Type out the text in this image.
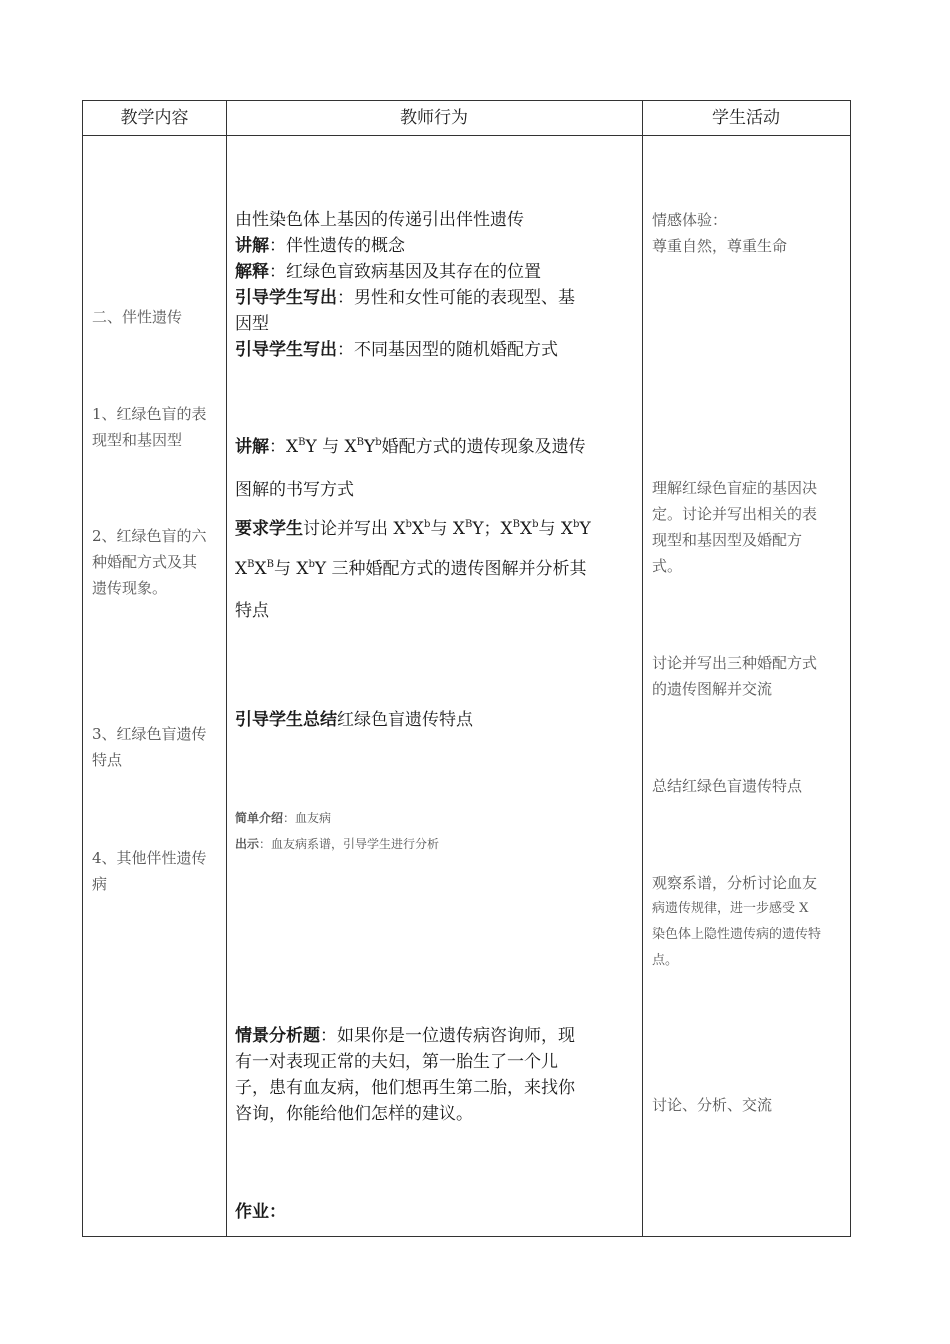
教学内容	教师行为	学生活动
二、伴性遗传
1、红绿色盲的表
现型和基因型
2、红绿色盲的六
种婚配方式及其
遗传现象。
3、红绿色盲遗传
特点
4、其他伴性遗传
病
由性染色体上基因的传递引出伴性遗传
讲解：伴性遗传的概念
解释：红绿色盲致病基因及其存在的位置
引导学生写出：男性和女性可能的表现型、基
因型
引导学生写出：不同基因型的随机婚配方式
讲解：$X^BY$ 与 $X^BY^b$婚配方式的遗传现象及遗传
图解的书写方式
要求学生讨论并写出 $X^bX^b$与 $X^BY$；$X^BX^b$与 $X^bY$
$X^BX^B$与 $X^bY$ 三种婚配方式的遗传图解并分析其
特点
引导学生总结红绿色盲遗传特点
简单介绍：血友病
出示：血友病系谱，引导学生进行分析
情景分析题：如果你是一位遗传病咨询师，现
有一对表现正常的夫妇，第一胎生了一个儿
子，患有血友病，他们想再生第二胎，来找你
咨询，你能给他们怎样的建议。
作业：
情感体验：
尊重自然，尊重生命
理解红绿色盲症的基因决
定。讨论并写出相关的表
现型和基因型及婚配方
式。
讨论并写出三种婚配方式
的遗传图解并交流
总结红绿色盲遗传特点
观察系谱，分析讨论血友
病遗传规律，进一步感受 X
染色体上隐性遗传病的遗传特
点。
讨论、分析、交流
